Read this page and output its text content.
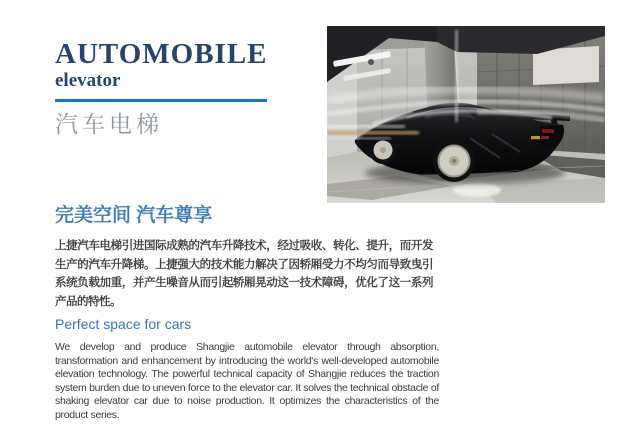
AUTOMOBILE
elevator
汽车电梯
完美空间 汽车尊享

上捷汽车电梯引进国际成熟的汽车升降技术，经过吸收、转化、提升，而开发生产的汽车升降梯。上捷强大的技术能力解决了因轿厢受力不均匀而导致曳引系统负载加重，并产生噪音从而引起轿厢晃动这一技术障碍，优化了这一系列产品的特性。

Perfect space for cars

We develop and produce Shangjie automobile elevator through absorption, transformation and enhancement by introducing the world's well-developed automobile elevation technology. The powerful technical capacity of Shangjie reduces the traction system burden due to uneven force to the elevator car. It solves the technical obstacle of shaking elevator car due to noise production. It optimizes the characteristics of the product series.
